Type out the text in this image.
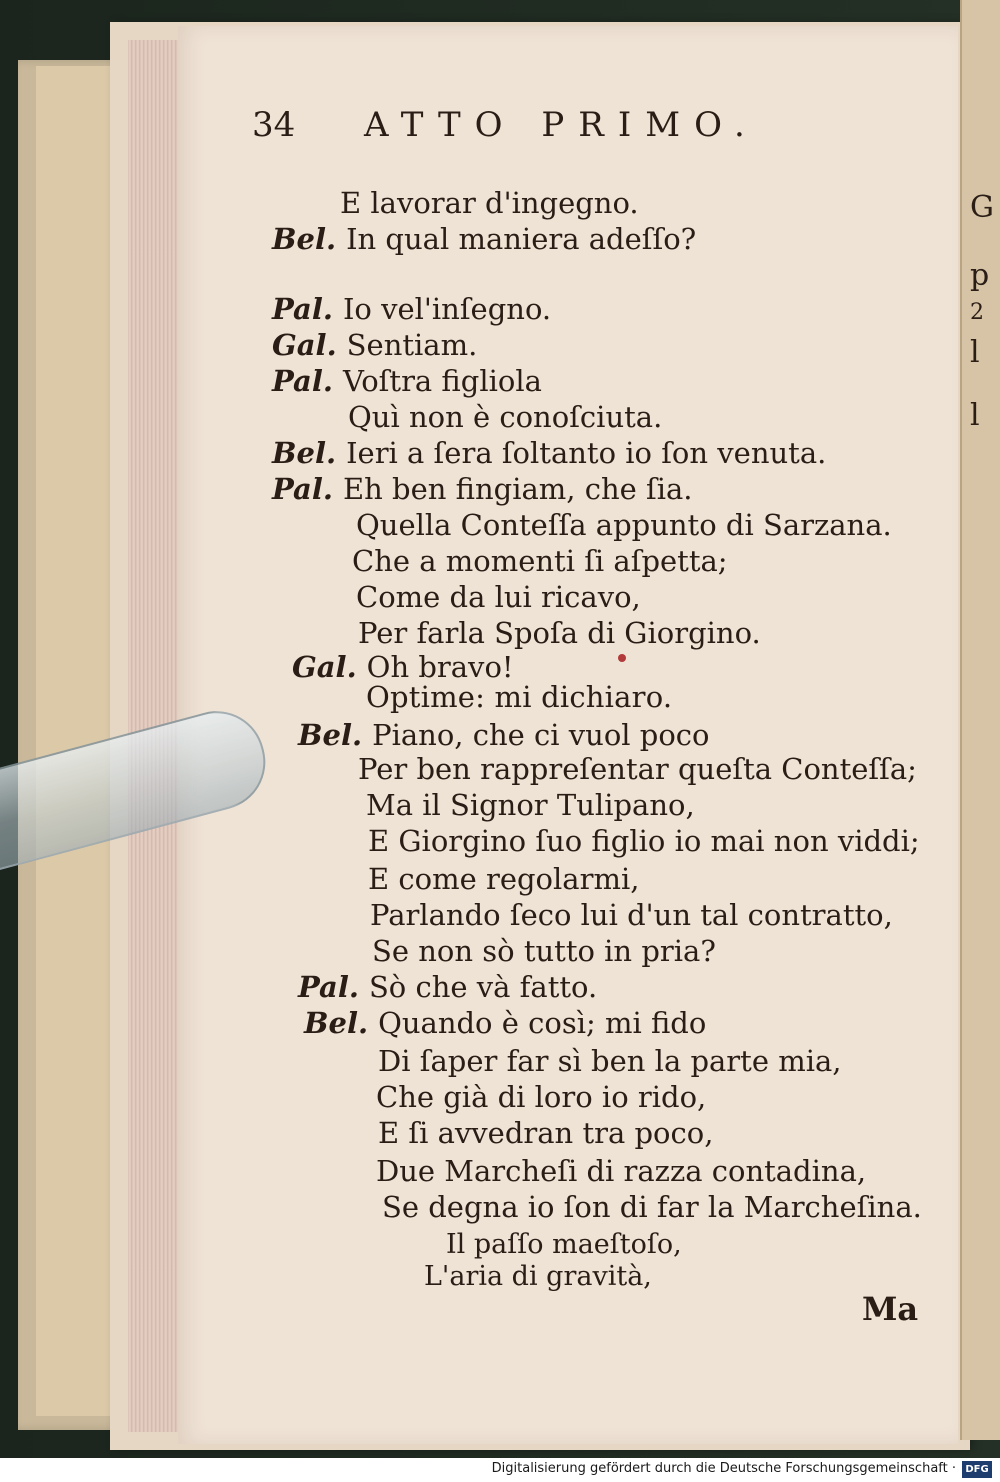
G
p
2
l
l
34 ATTO PRIMO.
E lavorar d'ingegno.
Bel. In qual maniera adeſſo?
Pal. Io vel'inſegno.
Gal. Sentiam.
Pal. Voſtra figliola
Quì non è conoſciuta.
Bel. Ieri a ſera ſoltanto io ſon venuta.
Pal. Eh ben fingiam, che ſia.
Quella Conteſſa appunto di Sarzana.
Che a momenti ſi aſpetta;
Come da lui ricavo,
Per farla Spoſa di Giorgino.
Gal. Oh bravo!
Optime: mi dichiaro.
Bel. Piano, che ci vuol poco
Per ben rappreſentar queſta Conteſſa;
Ma il Signor Tulipano,
E Giorgino ſuo figlio io mai non viddi;
E come regolarmi,
Parlando ſeco lui d'un tal contratto,
Se non sò tutto in pria?
Pal. Sò che và fatto.
Bel. Quando è così; mi fido
Di ſaper far sì ben la parte mia,
Che già di loro io rido,
E ſi avvedran tra poco,
Due Marcheſi di razza contadina,
Se degna io ſon di far la Marcheſina.
Il paſſo maeſtoſo,
L'aria di gravità,
Ma
Digitalisierung gefördert durch die Deutsche Forschungsgemeinschaft · DFG
